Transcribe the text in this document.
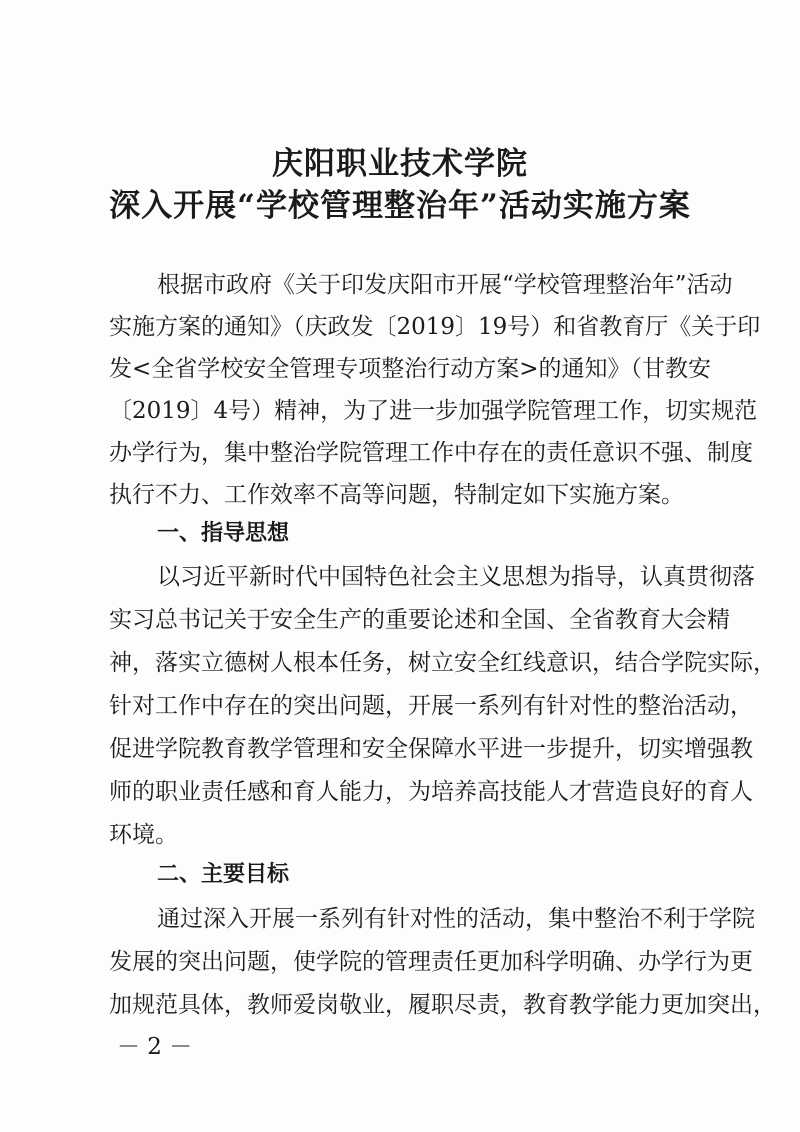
庆阳职业技术学院
深入开展“学校管理整治年”活动实施方案
根据市政府《关于印发庆阳市开展“学校管理整治年”活动
实施方案的通知》（庆政发〔2019〕19号）和省教育厅《关于印
发<全省学校安全管理专项整治行动方案>的通知》（甘教安
〔2019〕4号）精神，为了进一步加强学院管理工作，切实规范
办学行为，集中整治学院管理工作中存在的责任意识不强、制度
执行不力、工作效率不高等问题，特制定如下实施方案。
一、指导思想
以习近平新时代中国特色社会主义思想为指导，认真贯彻落
实习总书记关于安全生产的重要论述和全国、全省教育大会精
神，落实立德树人根本任务，树立安全红线意识，结合学院实际，
针对工作中存在的突出问题，开展一系列有针对性的整治活动，
促进学院教育教学管理和安全保障水平进一步提升，切实增强教
师的职业责任感和育人能力，为培养高技能人才营造良好的育人
环境。
二、主要目标
通过深入开展一系列有针对性的活动，集中整治不利于学院
发展的突出问题，使学院的管理责任更加科学明确、办学行为更
加规范具体，教师爱岗敬业，履职尽责，教育教学能力更加突出，
－ 2 －
